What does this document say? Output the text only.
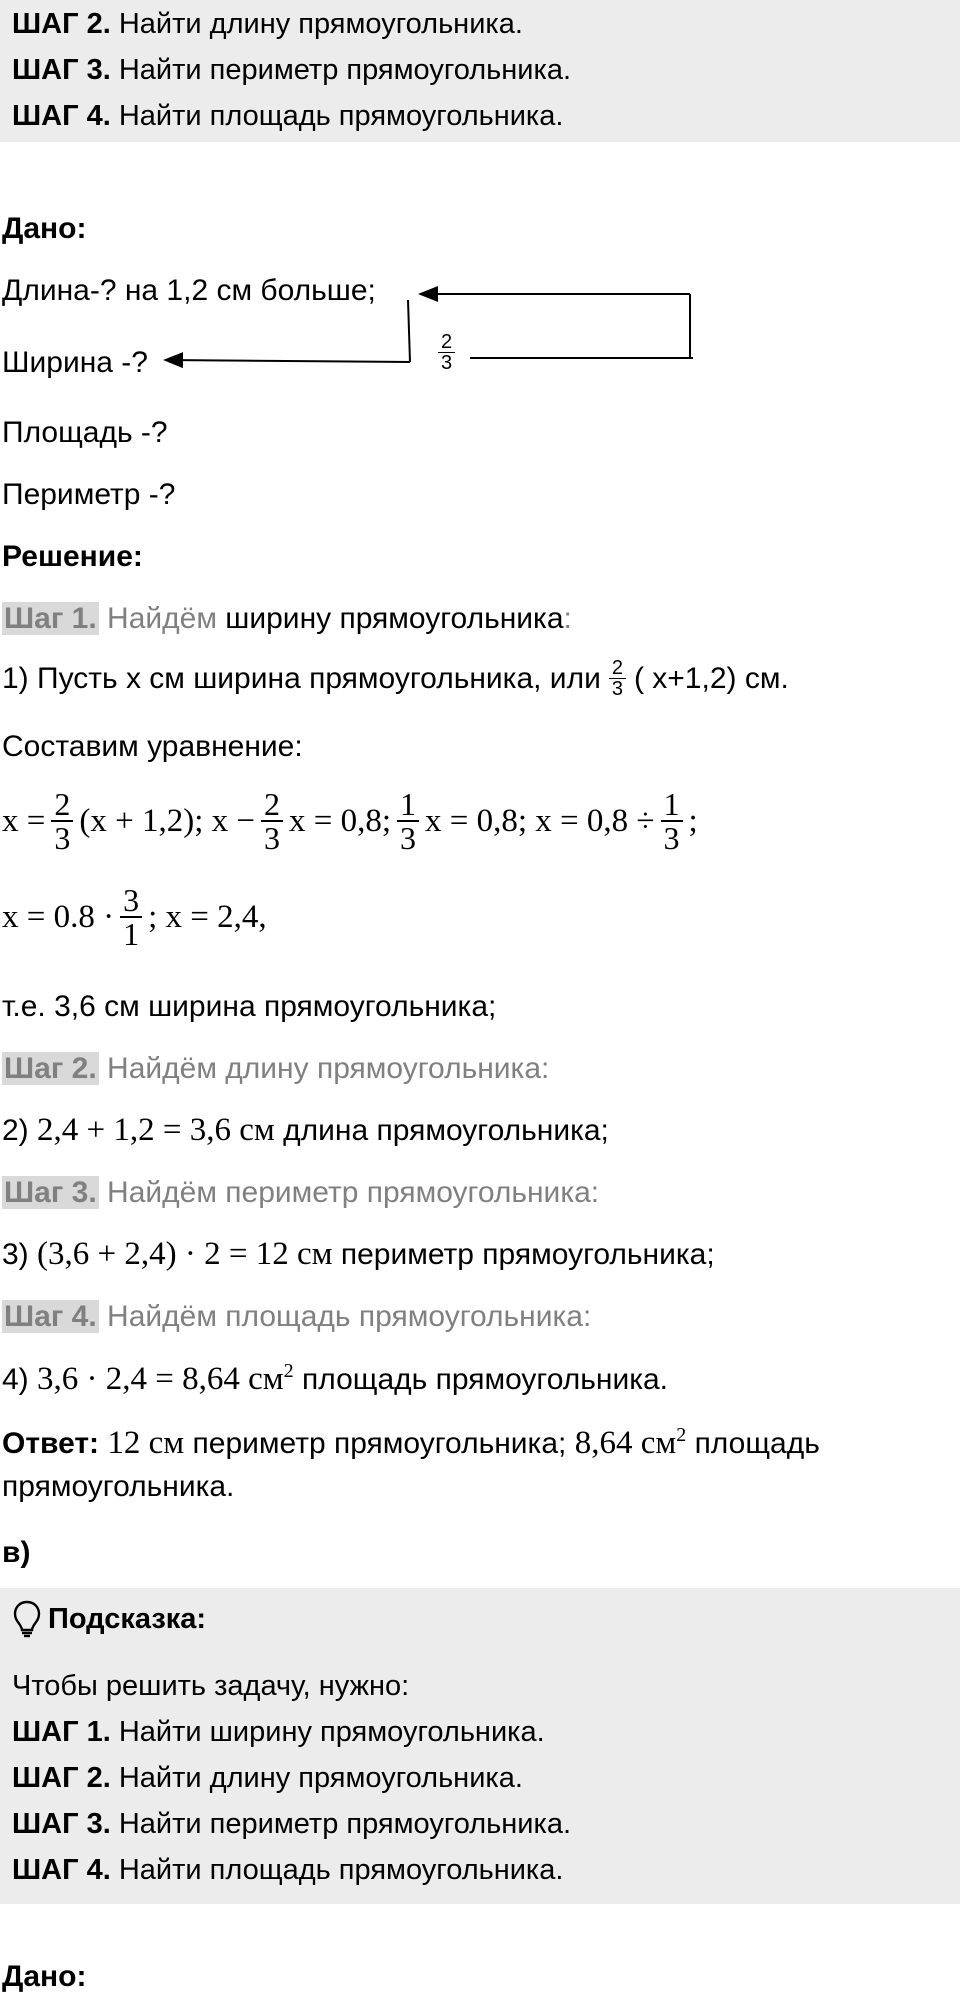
ШАГ 2. Найти длину прямоугольника.
ШАГ 3. Найти периметр прямоугольника.
ШАГ 4. Найти площадь прямоугольника.
Дано:
Длина-? на 1,2 см больше;
Ширина -?	$\frac{2}{3}$
Площадь -?
Периметр -?
Решение:
Шаг 1. Найдём ширину прямоугольника:
1) Пусть х см ширина прямоугольника, или $\frac{2}{3}$ ( х+1,2) см.
Составим уравнение:
$x = \frac{2}{3} (x + 1,2)$; $x - \frac{2}{3}$ x = 0,8; $\frac{1}{3}$ x = 0,8; $x = 0,8 \div \frac{1}{3}$ ;
$x = 0.8 \cdot \frac{3}{1}$ ; x = 2,4,
т.е. 3,6 см ширина прямоугольника;
Шаг 2. Найдём длину прямоугольника:
2) 2,4 + 1,2 = 3,6 см длина прямоугольника;
Шаг 3. Найдём периметр прямоугольника:
3) (3,6 + 2,4) · 2 = 12 см периметр прямоугольника;
Шаг 4. Найдём площадь прямоугольника:
4) 3,6 · 2,4 = 8,64 $см^2$ площадь прямоугольника.
Ответ: 12 см периметр прямоугольника; 8,64 $см^2$ площадь
прямоугольника.
в)
Подсказка:
Чтобы решить задачу, нужно:
ШАГ 1. Найти ширину прямоугольника.
ШАГ 2. Найти длину прямоугольника.
ШАГ 3. Найти периметр прямоугольника.
ШАГ 4. Найти площадь прямоугольника.
Дано:
